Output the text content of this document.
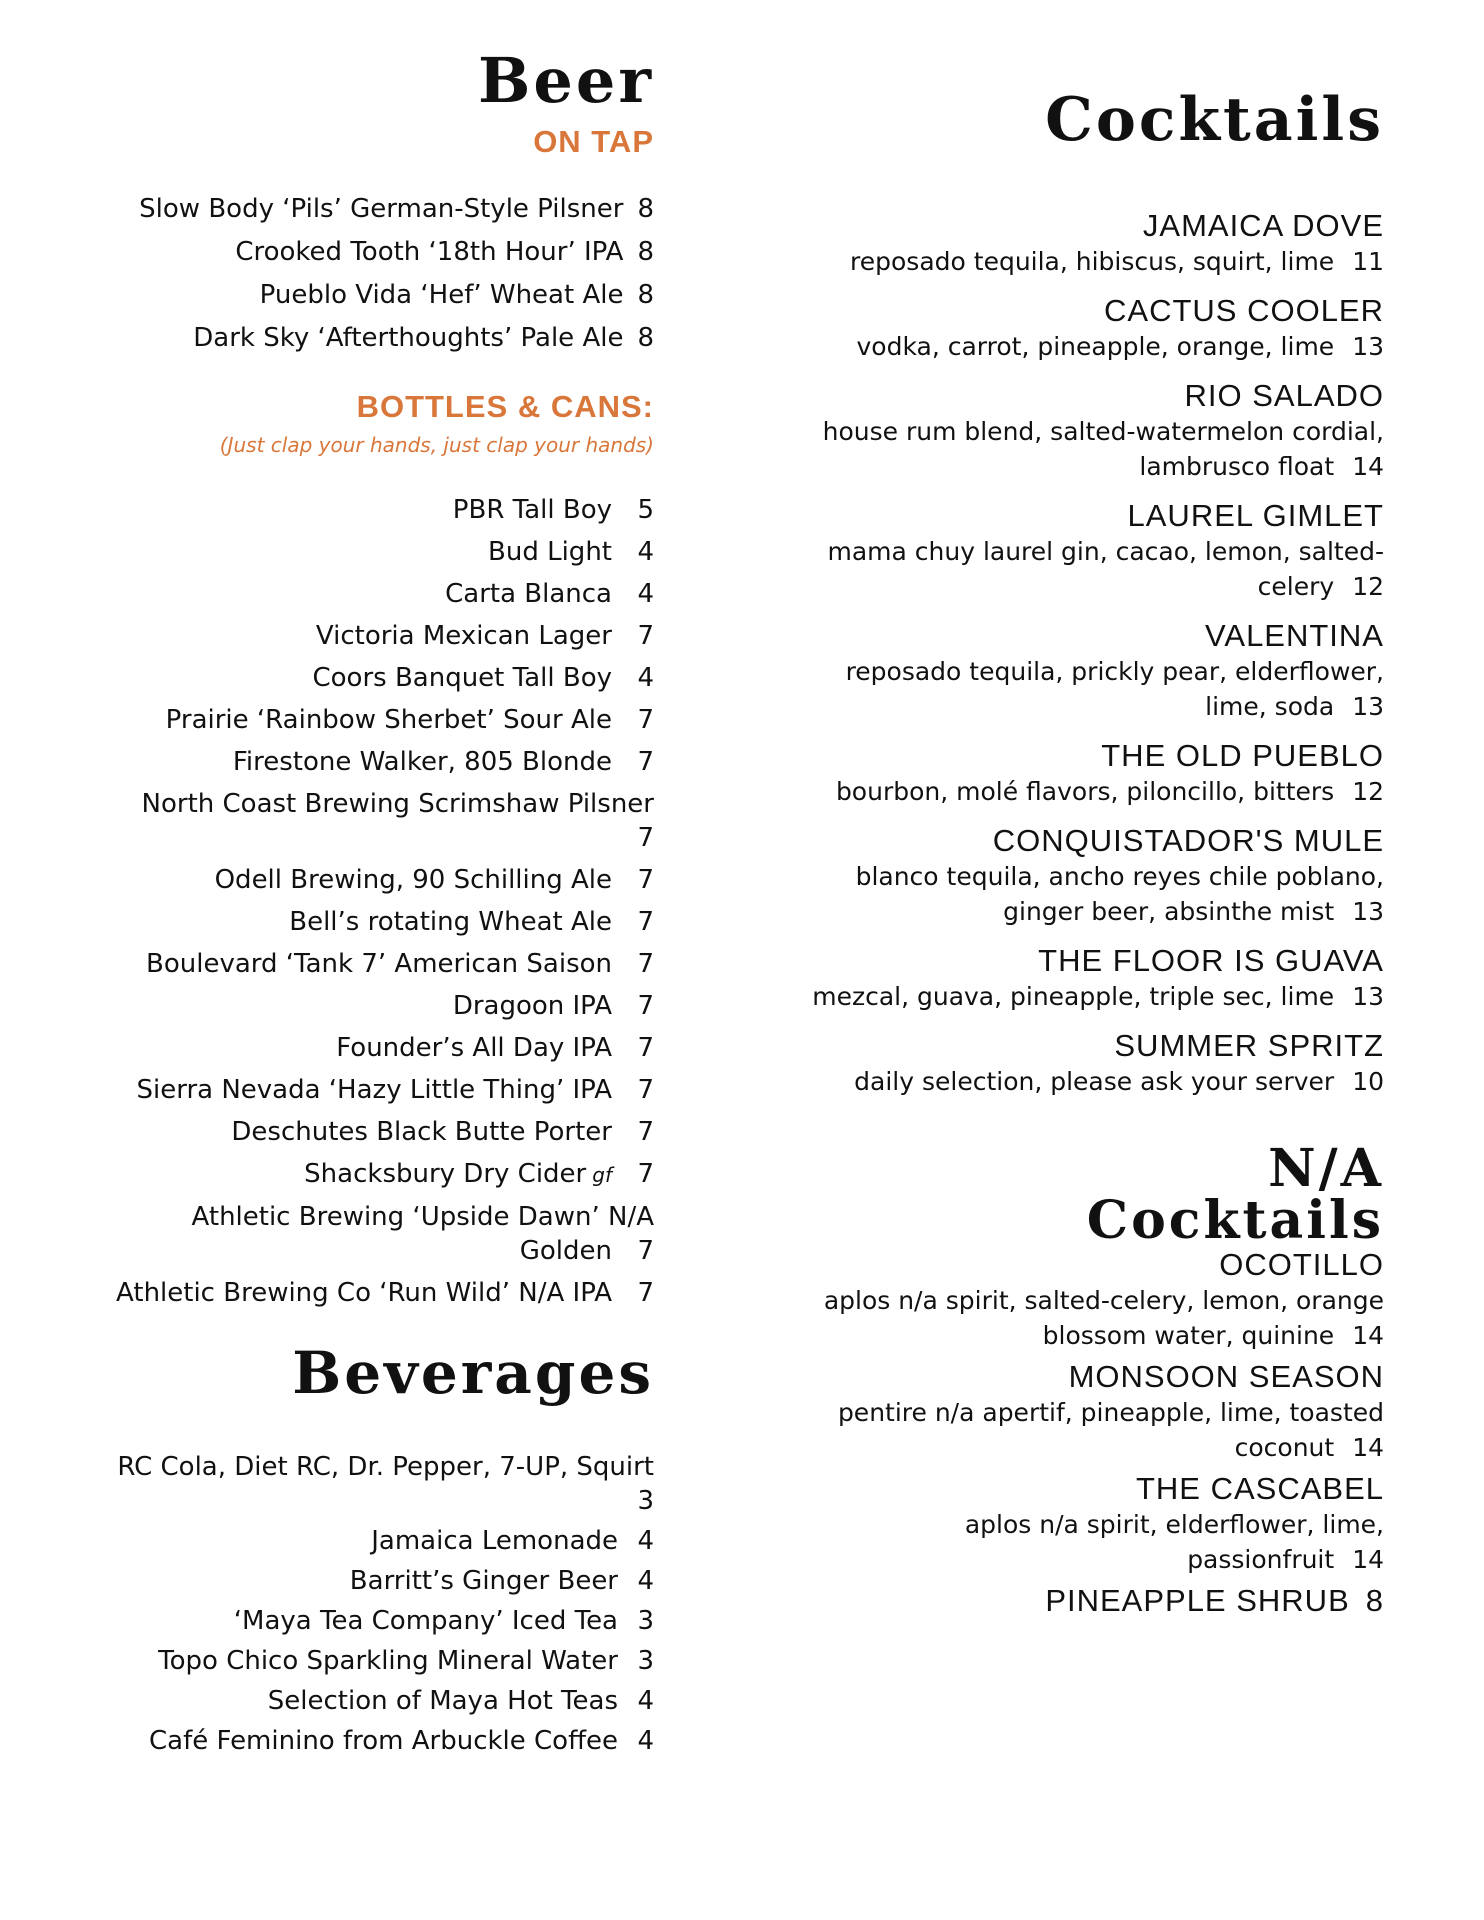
Beer
ON TAP
Slow Body ‘Pils’ German-Style Pilsner 8
Crooked Tooth ‘18th Hour’ IPA 8
Pueblo Vida ‘Hef’ Wheat Ale 8
Dark Sky ‘Afterthoughts’ Pale Ale 8
BOTTLES & CANS:
(Just clap your hands, just clap your hands)
PBR Tall Boy 5
Bud Light 4
Carta Blanca 4
Victoria Mexican Lager 7
Coors Banquet Tall Boy 4
Prairie ‘Rainbow Sherbet’ Sour Ale 7
Firestone Walker, 805 Blonde 7
North Coast Brewing Scrimshaw Pilsner7
Odell Brewing, 90 Schilling Ale 7
Bell’s rotating Wheat Ale 7
Boulevard ‘Tank 7’ American Saison 7
Dragoon IPA 7
Founder’s All Day IPA 7
Sierra Nevada ‘Hazy Little Thing’ IPA 7
Deschutes Black Butte Porter 7
Shacksbury Dry Cider gf 7
Athletic Brewing ‘Upside Dawn’ N/A Golden 7
Athletic Brewing Co ‘Run Wild’ N/A IPA 7
Beverages
RC Cola, Diet RC, Dr. Pepper, 7-UP, Squirt3
Jamaica Lemonade 4
Barritt’s Ginger Beer 4
‘Maya Tea Company’ Iced Tea 3
Topo Chico Sparkling Mineral Water 3
Selection of Maya Hot Teas 4
Café Feminino from Arbuckle Coffee 4
Cocktails
JAMAICA DOVE
reposado tequila, hibiscus, squirt, lime 11
CACTUS COOLER
vodka, carrot, pineapple, orange, lime 13
RIO SALADO
house rum blend, salted-watermelon cordial, lambrusco float 14
LAUREL GIMLET
mama chuy laurel gin, cacao, lemon, salted-celery 12
VALENTINA
reposado tequila, prickly pear, elderflower, lime, soda 13
THE OLD PUEBLO
bourbon, molé flavors, piloncillo, bitters 12
CONQUISTADOR'S MULE
blanco tequila, ancho reyes chile poblano, ginger beer, absinthe mist 13
THE FLOOR IS GUAVA
mezcal, guava, pineapple, triple sec, lime 13
SUMMER SPRITZ
daily selection, please ask your server 10
N/A
Cocktails
OCOTILLO
aplos n/a spirit, salted-celery, lemon, orange blossom water, quinine 14
MONSOON SEASON
pentire n/a apertif, pineapple, lime, toasted coconut 14
THE CASCABEL
aplos n/a spirit, elderflower, lime, passionfruit 14
PINEAPPLE SHRUB 8
